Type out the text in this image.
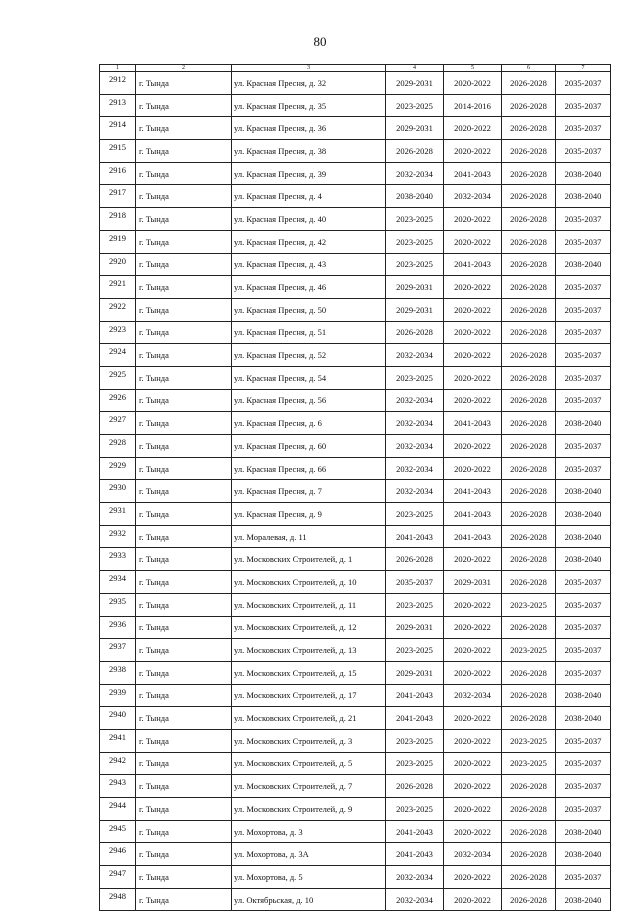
80
1	2	3	4	5	6	7
2912	г. Тында	ул. Красная Пресня, д. 32	2029-2031	2020-2022	2026-2028	2035-2037
2913	г. Тында	ул. Красная Пресня, д. 35	2023-2025	2014-2016	2026-2028	2035-2037
2914	г. Тында	ул. Красная Пресня, д. 36	2029-2031	2020-2022	2026-2028	2035-2037
2915	г. Тында	ул. Красная Пресня, д. 38	2026-2028	2020-2022	2026-2028	2035-2037
2916	г. Тында	ул. Красная Пресня, д. 39	2032-2034	2041-2043	2026-2028	2038-2040
2917	г. Тында	ул. Красная Пресня, д. 4	2038-2040	2032-2034	2026-2028	2038-2040
2918	г. Тында	ул. Красная Пресня, д. 40	2023-2025	2020-2022	2026-2028	2035-2037
2919	г. Тында	ул. Красная Пресня, д. 42	2023-2025	2020-2022	2026-2028	2035-2037
2920	г. Тында	ул. Красная Пресня, д. 43	2023-2025	2041-2043	2026-2028	2038-2040
2921	г. Тында	ул. Красная Пресня, д. 46	2029-2031	2020-2022	2026-2028	2035-2037
2922	г. Тында	ул. Красная Пресня, д. 50	2029-2031	2020-2022	2026-2028	2035-2037
2923	г. Тында	ул. Красная Пресня, д. 51	2026-2028	2020-2022	2026-2028	2035-2037
2924	г. Тында	ул. Красная Пресня, д. 52	2032-2034	2020-2022	2026-2028	2035-2037
2925	г. Тында	ул. Красная Пресня, д. 54	2023-2025	2020-2022	2026-2028	2035-2037
2926	г. Тында	ул. Красная Пресня, д. 56	2032-2034	2020-2022	2026-2028	2035-2037
2927	г. Тында	ул. Красная Пресня, д. 6	2032-2034	2041-2043	2026-2028	2038-2040
2928	г. Тында	ул. Красная Пресня, д. 60	2032-2034	2020-2022	2026-2028	2035-2037
2929	г. Тында	ул. Красная Пресня, д. 66	2032-2034	2020-2022	2026-2028	2035-2037
2930	г. Тында	ул. Красная Пресня, д. 7	2032-2034	2041-2043	2026-2028	2038-2040
2931	г. Тында	ул. Красная Пресня, д. 9	2023-2025	2041-2043	2026-2028	2038-2040
2932	г. Тында	ул. Моралевая, д. 11	2041-2043	2041-2043	2026-2028	2038-2040
2933	г. Тында	ул. Московских Строителей, д. 1	2026-2028	2020-2022	2026-2028	2038-2040
2934	г. Тында	ул. Московских Строителей, д. 10	2035-2037	2029-2031	2026-2028	2035-2037
2935	г. Тында	ул. Московских Строителей, д. 11	2023-2025	2020-2022	2023-2025	2035-2037
2936	г. Тында	ул. Московских Строителей, д. 12	2029-2031	2020-2022	2026-2028	2035-2037
2937	г. Тында	ул. Московских Строителей, д. 13	2023-2025	2020-2022	2023-2025	2035-2037
2938	г. Тында	ул. Московских Строителей, д. 15	2029-2031	2020-2022	2026-2028	2035-2037
2939	г. Тында	ул. Московских Строителей, д. 17	2041-2043	2032-2034	2026-2028	2038-2040
2940	г. Тында	ул. Московских Строителей, д. 21	2041-2043	2020-2022	2026-2028	2038-2040
2941	г. Тында	ул. Московских Строителей, д. 3	2023-2025	2020-2022	2023-2025	2035-2037
2942	г. Тында	ул. Московских Строителей, д. 5	2023-2025	2020-2022	2023-2025	2035-2037
2943	г. Тында	ул. Московских Строителей, д. 7	2026-2028	2020-2022	2026-2028	2035-2037
2944	г. Тында	ул. Московских Строителей, д. 9	2023-2025	2020-2022	2026-2028	2035-2037
2945	г. Тында	ул. Мохортова, д. 3	2041-2043	2020-2022	2026-2028	2038-2040
2946	г. Тында	ул. Мохортова, д. 3А	2041-2043	2032-2034	2026-2028	2038-2040
2947	г. Тында	ул. Мохортова, д. 5	2032-2034	2020-2022	2026-2028	2035-2037
2948	г. Тында	ул. Октябрьская, д. 10	2032-2034	2020-2022	2026-2028	2038-2040
